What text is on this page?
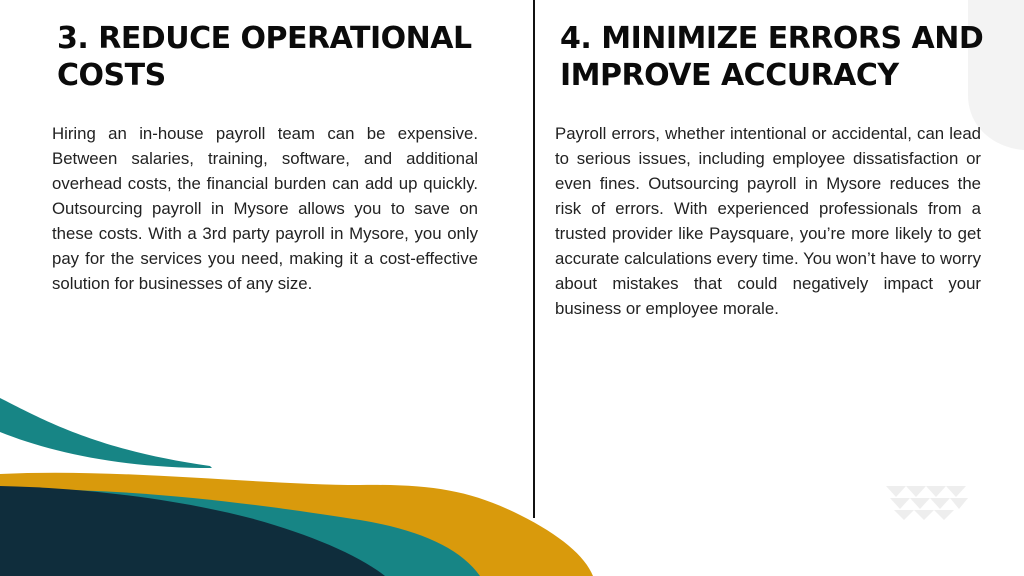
3. REDUCE OPERATIONAL COSTS

Hiring an in-house payroll team can be expensive. Between salaries, training, software, and additional overhead costs, the financial burden can add up quickly. Outsourcing payroll in Mysore allows you to save on these costs. With a 3rd party payroll in Mysore, you only pay for the services you need, making it a cost-effective solution for businesses of any size.

4. MINIMIZE ERRORS AND IMPROVE ACCURACY

Payroll errors, whether intentional or accidental, can lead to serious issues, including employee dissatisfaction or even fines. Outsourcing payroll in Mysore reduces the risk of errors. With experienced professionals from a trusted provider like Paysquare, you’re more likely to get accurate calculations every time. You won’t have to worry about mistakes that could negatively impact your business or employee morale.
